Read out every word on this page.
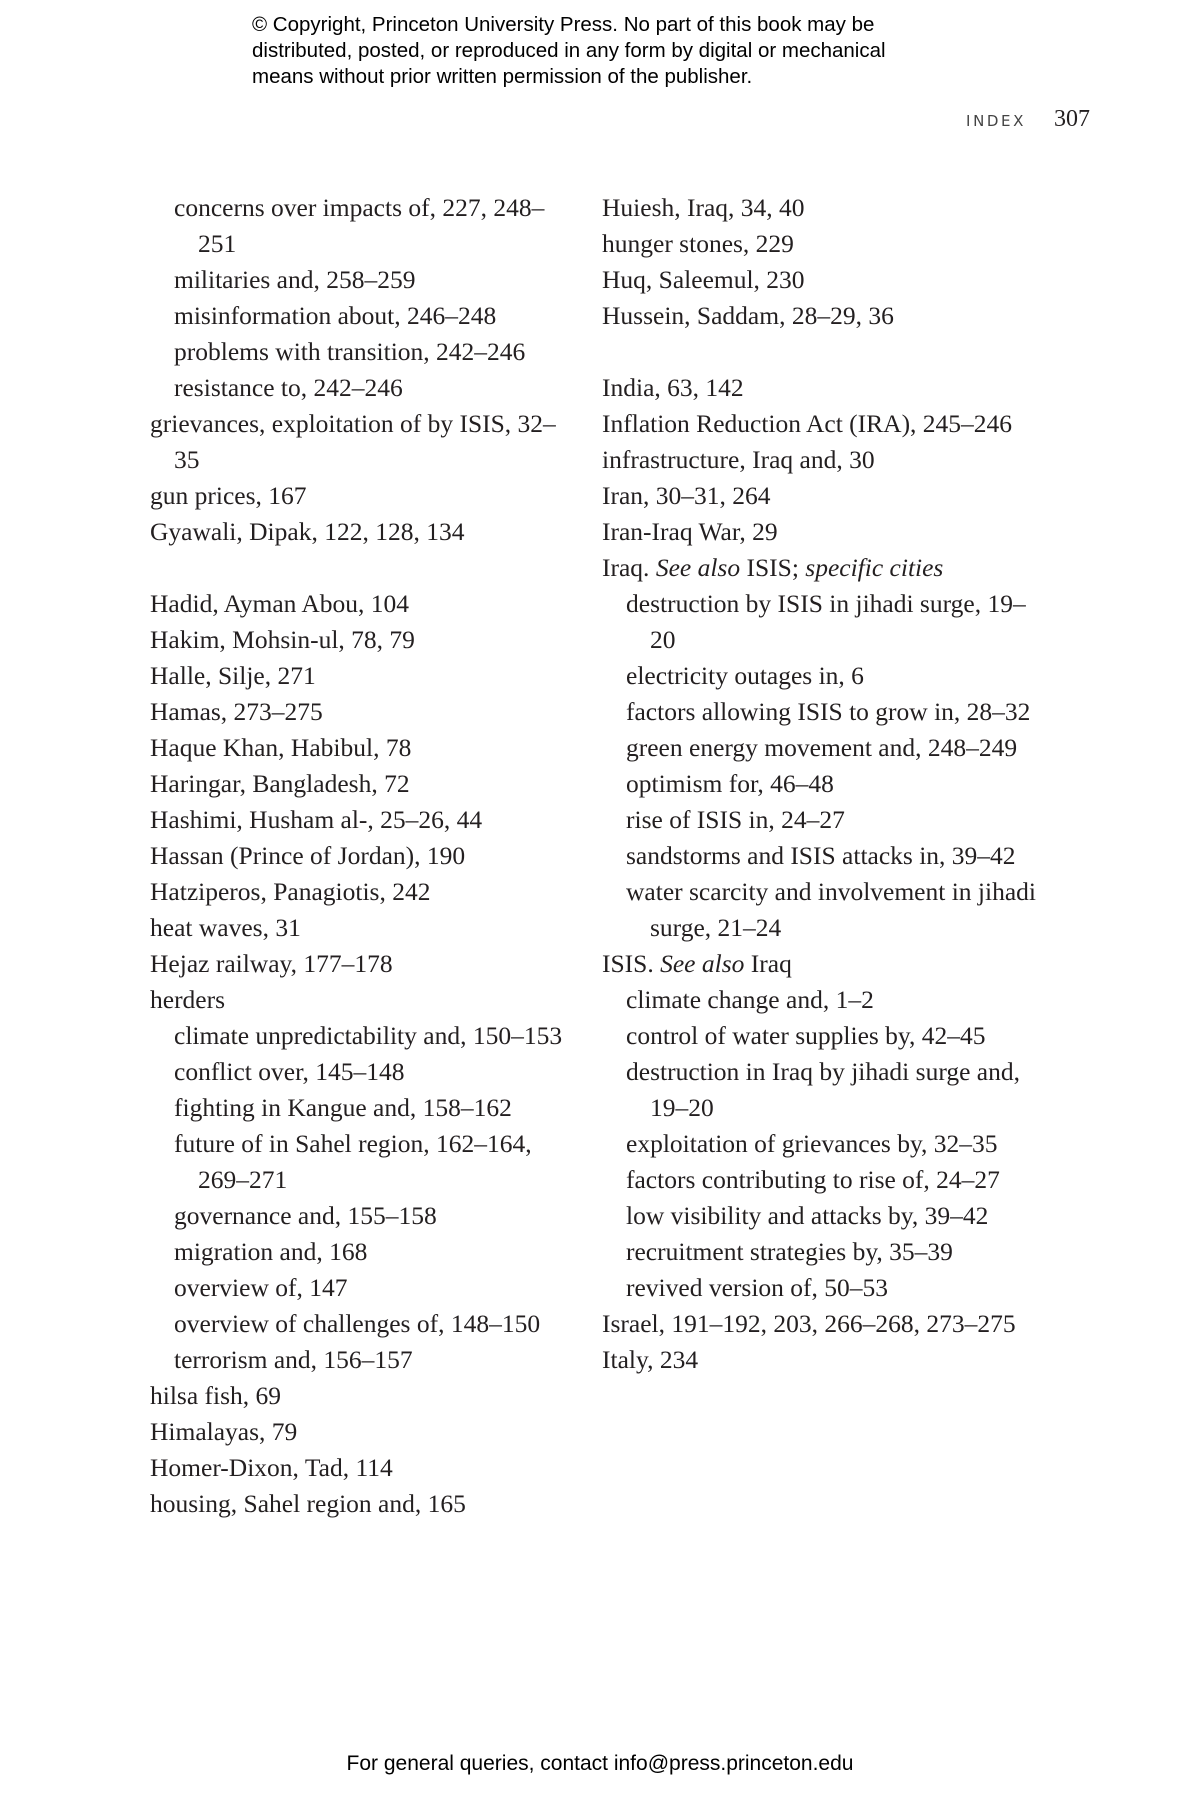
© Copyright, Princeton University Press. No part of this book may be
distributed, posted, or reproduced in any form by digital or mechanical
means without prior written permission of the publisher.
INDEX 307
concerns over impacts of, 227, 248–251
militaries and, 258–259
misinformation about, 246–248
problems with transition, 242–246
resistance to, 242–246
grievances, exploitation of by ISIS, 32–35
gun prices, 167
Gyawali, Dipak, 122, 128, 134
Hadid, Ayman Abou, 104
Hakim, Mohsin-ul, 78, 79
Halle, Silje, 271
Hamas, 273–275
Haque Khan, Habibul, 78
Haringar, Bangladesh, 72
Hashimi, Husham al-, 25–26, 44
Hassan (Prince of Jordan), 190
Hatziperos, Panagiotis, 242
heat waves, 31
Hejaz railway, 177–178
herders
climate unpredictability and, 150–153
conflict over, 145–148
fighting in Kangue and, 158–162
future of in Sahel region, 162–164, 269–271
governance and, 155–158
migration and, 168
overview of, 147
overview of challenges of, 148–150
terrorism and, 156–157
hilsa fish, 69
Himalayas, 79
Homer-Dixon, Tad, 114
housing, Sahel region and, 165
Huiesh, Iraq, 34, 40
hunger stones, 229
Huq, Saleemul, 230
Hussein, Saddam, 28–29, 36
India, 63, 142
Inflation Reduction Act (IRA), 245–246
infrastructure, Iraq and, 30
Iran, 30–31, 264
Iran-Iraq War, 29
Iraq. See also ISIS; specific cities
destruction by ISIS in jihadi surge, 19–20
electricity outages in, 6
factors allowing ISIS to grow in, 28–32
green energy movement and, 248–249
optimism for, 46–48
rise of ISIS in, 24–27
sandstorms and ISIS attacks in, 39–42
water scarcity and involvement in jihadi surge, 21–24
ISIS. See also Iraq
climate change and, 1–2
control of water supplies by, 42–45
destruction in Iraq by jihadi surge and, 19–20
exploitation of grievances by, 32–35
factors contributing to rise of, 24–27
low visibility and attacks by, 39–42
recruitment strategies by, 35–39
revived version of, 50–53
Israel, 191–192, 203, 266–268, 273–275
Italy, 234
For general queries, contact info@press.princeton.edu
